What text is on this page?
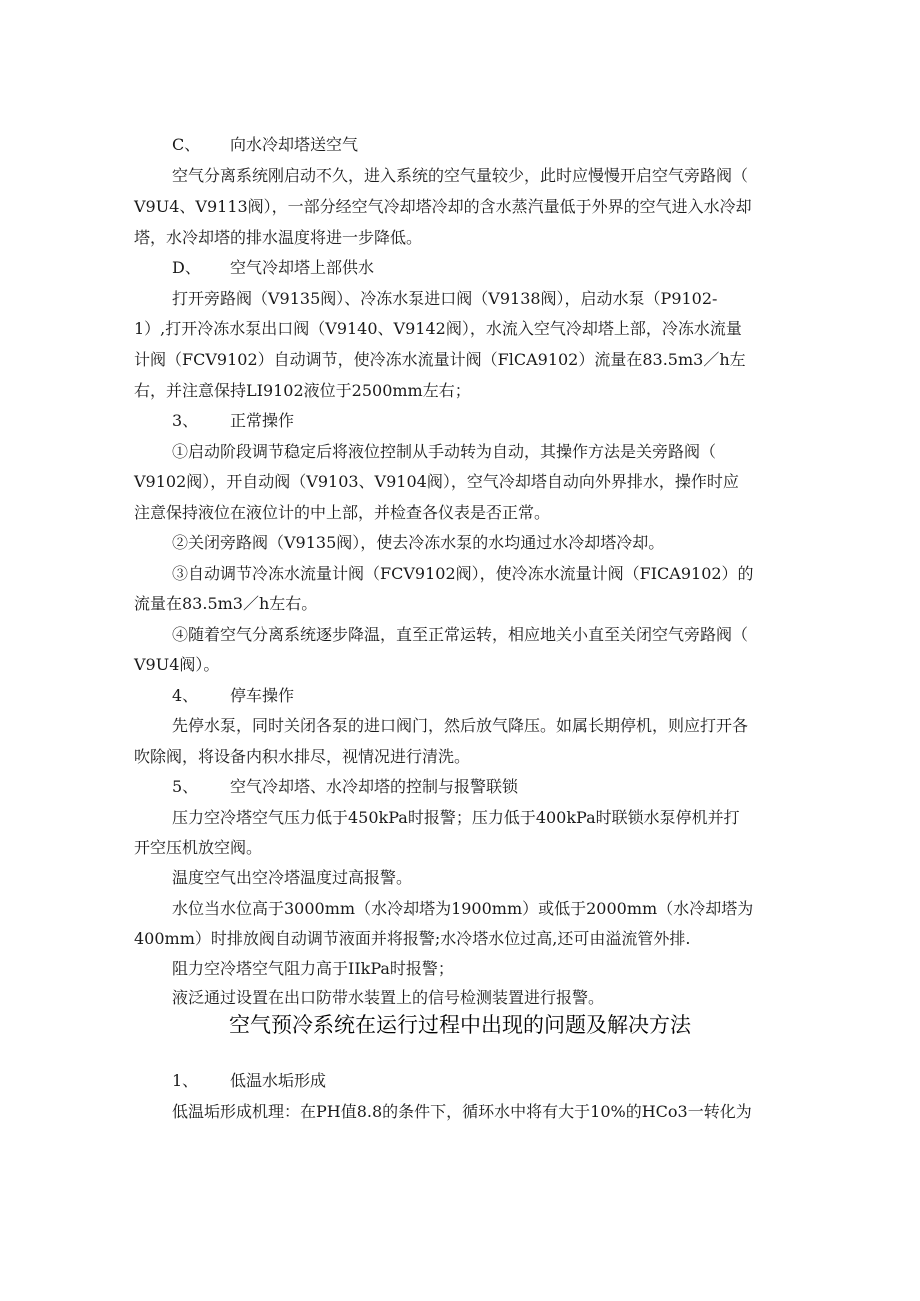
C、 向水冷却塔送空气
空气分离系统刚启动不久，进入系统的空气量较少，此时应慢慢开启空气旁路阀（
V9U4、V9113阀），一部分经空气冷却塔冷却的含水蒸汽量低于外界的空气进入水冷却
塔，水冷却塔的排水温度将进一步降低。
D、 空气冷却塔上部供水
打开旁路阀（V9135阀）、冷冻水泵进口阀（V9138阀），启动水泵（P9102-
1）,打开冷冻水泵出口阀（V9140、V9142阀），水流入空气冷却塔上部，冷冻水流量
计阀（FCV9102）自动调节，使冷冻水流量计阀（FlCA9102）流量在83.5m3／h左
右，并注意保持LI9102液位于2500mm左右；
3、 正常操作
①启动阶段调节稳定后将液位控制从手动转为自动，其操作方法是关旁路阀（
V9102阀），开自动阀（V9103、V9104阀），空气冷却塔自动向外界排水，操作时应
注意保持液位在液位计的中上部，并检查各仪表是否正常。
②关闭旁路阀（V9135阀），使去冷冻水泵的水均通过水冷却塔冷却。
③自动调节冷冻水流量计阀（FCV9102阀），使冷冻水流量计阀（FICA9102）的
流量在83.5m3／h左右。
④随着空气分离系统逐步降温，直至正常运转，相应地关小直至关闭空气旁路阀（
V9U4阀）。
4、 停车操作
先停水泵，同时关闭各泵的进口阀门，然后放气降压。如属长期停机，则应打开各
吹除阀，将设备内积水排尽，视情况进行清洗。
5、 空气冷却塔、水冷却塔的控制与报警联锁
压力空冷塔空气压力低于450kPa时报警；压力低于400kPa时联锁水泵停机并打
开空压机放空阀。
温度空气出空冷塔温度过高报警。
水位当水位高于3000mm（水冷却塔为1900mm）或低于2000mm（水冷却塔为
400mm）时排放阀自动调节液面并将报警;水冷塔水位过高,还可由溢流管外排.
阻力空冷塔空气阻力高于IIkPa时报警；
液泛通过设置在出口防带水装置上的信号检测装置进行报警。
空气预冷系统在运行过程中出现的问题及解决方法
1、 低温水垢形成
低温垢形成机理：在PH值8.8的条件下，循环水中将有大于10%的HCo3一转化为
